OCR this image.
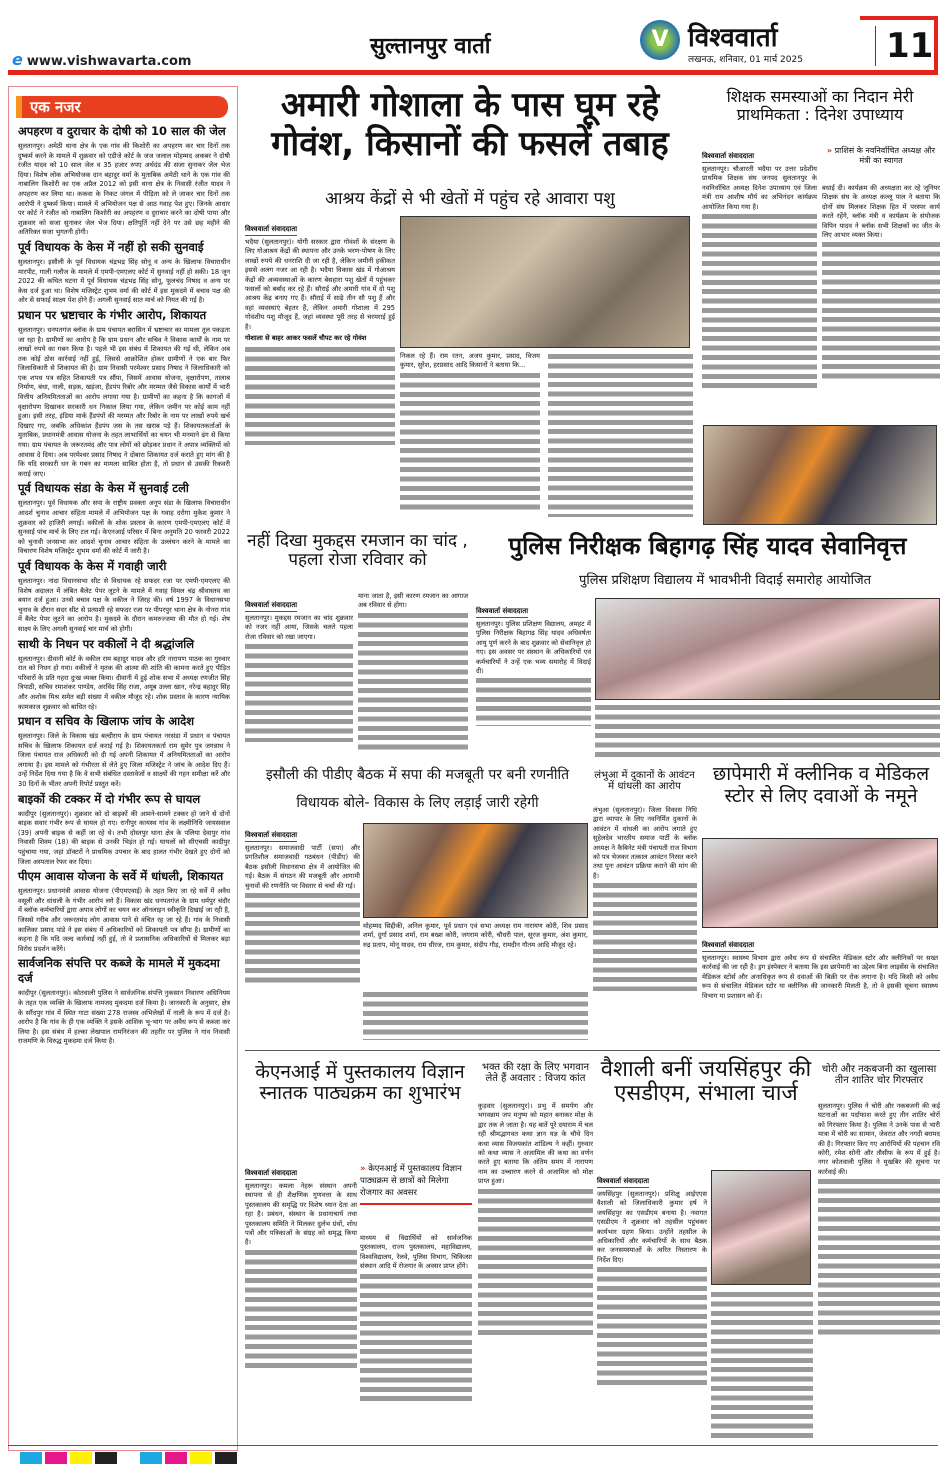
e www.vishwavarta.com
सुल्तानपुर वार्ता	V विश्ववार्ता
लखनऊ, शनिवार, 01 मार्च 2025	11
एक नजर
अपहरण व दुराचार के दोषी को 10 साल की जेल

सुलतानपुर। अमेठी थाना क्षेत्र के एक गांव की किशोरी का अपहरण कर चार दिनों तक दुष्कर्म करने के मामले में शुक्रवार को एडीजे कोर्ट के जज जलाल मोहम्मद अकबर ने दोषी रंजीत यादव को 10 साल जेल व 35 हजार रुपए अर्थदंड की सजा सुनाकर जेल भेज दिया। विशेष लोक अभियोजक दान बहादुर वर्मा के मुताबिक अमेठी थाने के एक गांव की नाबालिग किशोरी का एक अप्रैल 2012 को इसी थाना क्षेत्र के निवासी रंजीत यादव ने अपहरण कर लिया था। ककवा के निकट जंगल में पीड़िता को ले जाकर चार दिनों तक आरोपी ने दुष्कर्म किया। मामले में अभियोजन पक्ष से आठ गवाह पेश हुए। जिनके आधार पर कोर्ट ने रंजीत को नाबालिग किशोरी का अपहरण व दुराचार करने का दोषी पाया और शुक्रवार को सजा सुनाकर जेल भेज दिया। क्षतिपूर्ति नहीं देने पर उसे छह महीने की अतिरिक्त सजा भुगतनी होगी।

पूर्व विधायक के केस में नहीं हो सकी सुनवाई

सुलतानपुर। इसौली के पूर्व विधायक चंद्रभद्र सिंह सोनू व अन्य के खिलाफ विचाराधीन मारपीट, गाली गलौज के मामले में एमपी-एमएलए कोर्ट में सुनवाई नहीं हो सकी। 18 जून 2022 की कथित घटना में पूर्व विधायक चंद्रभद्र सिंह सोनू, फूलचंद निषाद व अन्य पर केस दर्ज हुआ था। विशेष मजिस्ट्रेट शुभम वर्मा की कोर्ट में इस मुकदमे में बचाव पक्ष की ओर से सफाई साक्ष्य पेश होने हैं। अगली सुनवाई सात मार्च को नियत की गई है।

प्रधान पर भ्रष्टाचार के गंभीर आरोप, शिकायत

सुलतानपुर। धनपतगंज ब्लॉक के ग्राम पंचायत बरासिन में भ्रष्टाचार का मामला तूल पकड़ता जा रहा है। ग्रामीणों का आरोप है कि ग्राम प्रधान और सचिव ने विकास कार्यों के नाम पर लाखों रुपये का गबन किया है। पहले भी इस संबंध में शिकायत की गई थी, लेकिन अब तक कोई ठोस कार्रवाई नहीं हुई, जिससे आक्रोशित होकर ग्रामीणों ने एक बार फिर जिलाधिकारी से शिकायत की है। ग्राम निवासी परमेश्वर प्रसाद निषाद ने जिलाधिकारी को एक शपथ पत्र सहित शिकायती पत्र सौंपा, जिसमें आवास योजना, वृक्षारोपण, तालाब निर्माण, बंधा, नाली, सड़क, खड़ंजा, हैंडपंप रिबोर और मरम्मत जैसे विकास कार्यों में भारी वित्तीय अनियमितताओं का आरोप लगाया गया है। ग्रामीणों का कहना है कि कागजों में वृक्षारोपण दिखाकर सरकारी धन निकाल लिया गया, लेकिन जमीन पर कोई काम नहीं हुआ। इसी तरह, इंडिया मार्क हैंडपंपों की मरम्मत और रिबोर के नाम पर लाखों रुपये खर्च दिखाए गए, जबकि अधिकांश हैंडपंप जस के तस खराब पड़े हैं। शिकायतकर्ताओं के मुताबिक, प्रधानमंत्री आवास योजना के तहत लाभार्थियों का चयन भी मनमाने ढंग से किया गया। ग्राम पंचायत के जरूरतमंद और पात्र लोगों को छोड़कर प्रधान ने अपात्र व्यक्तियों को आवास दे दिया। अब परमेश्वर प्रसाद निषाद ने दोबारा शिकायत दर्ज कराते हुए मांग की है कि यदि सरकारी धन के गबन का मामला साबित होता है, तो प्रधान से उसकी रिकवरी कराई जाए।

पूर्व विधायक संडा के केस में सुनवाई टली

सुलतानपुर। पूर्व विधायक और सपा के राष्ट्रीय प्रवक्ता अनूप संडा के खिलाफ विचाराधीन आदर्श चुनाव आचार संहिता मामले में अभियोजन पक्ष के गवाह दरोगा मुकेश कुमार ने शुक्रवार को हाजिरी लगाई। वकीलों के शोक प्रस्ताव के कारण एमपी-एमएलए कोर्ट में सुनवाई पांच मार्च के लिए टल गई। केएनआई परिसर में बिना अनुमति 20 फरवरी 2022 को चुनावी जनसभा कर आदर्श चुनाव आचार संहिता के उल्लंघन करने के मामले का विचारण विशेष मजिस्ट्रेट शुभम वर्मा की कोर्ट में जारी है।

पूर्व विधायक के केस में गवाही जारी

सुलतानपुर। नांदा विधानसभा सीट से विधायक रहे सफदर रजा पर एमपी-एमएलए की विशेष अदालत में लंबित बैलेट पेपर लूटने के मामले में गवाह विमल चंद्र श्रीवास्तव का बयान दर्ज हुआ। उनसे बचाव पक्ष के वकील ने जिरह की। वर्ष 1997 के विधानसभा चुनाव के दौरान सदर सीट से प्रत्याशी रहे सफदर रजा पर पीपरपुर थाना क्षेत्र के नोनरा गांव में बैलेट पेपर लूटने का आरोप है। मुकदमे के दौरान कमरुज्जमा की मौत हो गई। शेष साक्ष्य के लिए अगली सुनवाई चार मार्च को होगी।

साथी के निधन पर वकीलों ने दी श्रद्धांजलि

सुलतानपुर। दीवानी कोर्ट के वकील राम बहादुर यादव और हरि नारायण पाठक का गुरुवार रात को निधन हो गया। वकीलों ने मृतक की आत्मा की शांति की कामना करते हुए पीड़ित परिवारों के प्रति गहरा दुःख व्यक्त किया। दीवानी में हुई शोक सभा में अध्यक्ष रणजीत सिंह त्रिपाठी, सचिव रमाशंकर पाण्डेय, अरविंद सिंह राजा, अयूब उल्ला खान, नरेन्द्र बहादुर सिंह और अशोक मिश्र समेत बड़ी संख्या में वकील मौजूद रहे। शोक प्रस्ताव के कारण न्यायिक कामकाज शुक्रवार को बाधित रहे।

प्रधान व सचिव के खिलाफ जांच के आदेश

सुलतानपुर। जिले के विकास खंड बल्दीराय के ग्राम पंचायत नरसंडा में प्रधान व पंचायत सचिव के खिलाफ शिकायत दर्ज कराई गई है। शिकायतकर्ता राम सुमेर पुत्र जगन्नाथ ने जिला पंचायत राज अधिकारी को दी गई अपनी शिकायत में अनियमितताओं का आरोप लगाया है। इस मामले को गंभीरता से लेते हुए जिला मजिस्ट्रेट ने जांच के आदेश दिए हैं। उन्हें निर्देश दिया गया है कि वे सभी संबंधित दस्तावेजों व साक्ष्यों की गहन समीक्षा करें और 30 दिनों के भीतर अपनी रिपोर्ट प्रस्तुत करें।

बाइकों की टक्कर में दो गंभीर रूप से घायल

कादीपुर (सुलतानपुर)। शुक्रवार को दो बाइकों की आमने-सामने टक्कर हो जाने से दोनों बाइक सवार गंभीर रूप से घायल हो गए। रानीपुर कायस्थ गांव के लक्ष्मीनिधि जायसवाल (39) अपनी बाइक से कहीं जा रहे थे। तभी दोस्तपुर थाना क्षेत्र के पलिया देवापुर गांव निवासी शिवम (18) की बाइक से उनकी भिड़ंत हो गई। घायलों को सीएचसी कादीपुर पहुंचाया गया, जहां डॉक्टरों ने प्राथमिक उपचार के बाद हालत गंभीर देखते हुए दोनों को जिला अस्पताल रेफर कर दिया।

पीएम आवास योजना के सर्वे में धांधली, शिकायत

सुलतानपुर। प्रधानमंत्री आवास योजना (पीएमएवाई) के तहत किए जा रहे सर्वे में अवैध वसूली और धांधली के गंभीर आरोप लगे हैं। विकास खंड धनपतगंज के ग्राम धर्मपुर चंदौर में ब्लॉक कर्मचारियों द्वारा अपात्र लोगों का चयन कर ऑनलाइन स्वीकृति दिखाई जा रही है, जिससे गरीब और जरूरतमंद लोग आवास पाने से वंचित रह जा रहे हैं। गांव के निवासी कालिका प्रसाद पांडे ने इस संबंध में अधिकारियों को शिकायती पत्र सौंपा है। ग्रामीणों का कहना है कि यदि जल्द कार्रवाई नहीं हुई, तो वे प्रशासनिक अधिकारियों से मिलकर बड़ा विरोध प्रदर्शन करेंगे।

सार्वजनिक संपत्ति पर कब्जे के मामले में मुकदमा दर्ज

कादीपुर (सुलतानपुर)। कोतवाली पुलिस ने सार्वजनिक संपत्ति नुकसान निवारण अधिनियम के तहत एक व्यक्ति के खिलाफ नामजद मुकदमा दर्ज किया है। जानकारी के अनुसार, क्षेत्र के सरैंदपुर गांव में स्थित गाटा संख्या 278 राजस्व अभिलेखों में नाली के रूप में दर्ज है। आरोप है कि गांव के ही एक व्यक्ति ने इसके आंशिक भू-भाग पर अवैध रूप से कब्जा कर लिया है। इस संबंध में हल्का लेखपाल रामनिरंजन की तहरीर पर पुलिस ने गांव निवासी राजमणि के विरुद्ध मुकदमा दर्ज किया है।

अमारी गोशाला के पास घूम रहे गोवंश, किसानों की फसलें तबाह
आश्रय केंद्रों से भी खेतों में पहुंच रहे आवारा पशु
विश्ववार्ता संवाददाता
भदैया (सुलतानपुर)। योगी सरकार द्वारा गोवंशों के संरक्षण के लिए गोआश्रय केंद्रों की स्थापना और उनके भरण-पोषण के लिए लाखों रुपये की धनराशि दी जा रही है, लेकिन जमीनी हकीकत इससे अलग नजर आ रही है। भदैया विकास खंड में गोआश्रय केंद्रों की अव्यवस्थाओं के कारण बेसहारा पशु खेतों में पहुंचकर फसलों को बर्बाद कर रहे हैं। सौराई और अमारी गांव में दो पशु आश्रय केंद्र बनाए गए हैं। सौराई में साढ़े तीन सौ पशु हैं और वहां व्यवस्थाएं बेहतर हैं, लेकिन अमारी गोशाला में 295 गोवंशीय पशु मौजूद हैं, जहां व्यवस्था पूरी तरह से चरमराई हुई है।
गोशाला से बाहर आकर फसलें चौपट कर रहे गोवंश
निकल रहे हैं। राम रतन, अजय कुमार, प्रसाद, विजय कुमार, सुरेश, हरप्रसाद आदि किसानों ने बताया कि...
शिक्षक समस्याओं का निदान मेरी प्राथमिकता : दिनेश उपाध्याय
विश्ववार्ता संवाददाता
सुलतानपुर। चौआरती भदैया पर उत्तर प्रदेशीय प्राथमिक शिक्षक संघ जनपद सुलतानपुर के नवनिर्वाचित अध्यक्ष दिनेश उपाध्याय एवं जिला मंत्री राम आशीष मौर्य का अभिनंदन कार्यक्रम आयोजित किया गया है।
» प्राशिसं के नवनिर्वाचित अध्यक्ष और मंत्री का स्वागत
बधाई दी। कार्यक्रम की अध्यक्षता कर रहे जूनियर शिक्षक संघ के अध्यक्ष कल्लू पाल ने बताया कि दोनों संघ मिलकर शिक्षक हित में परस्पर कार्य करते रहेंगे, ब्लॉक मंत्री व कार्यक्रम के संयोजक विपिन यादव ने ब्लॉक सभी शिक्षकों का जीत के लिए आभार व्यक्त किया।
नहीं दिखा मुकद्दस रमजान का चांद , पहला रोजा रविवार को
विश्ववार्ता संवाददाता
सुलतानपुर। मुकद्दस रमजान का चांद शुक्रवार को नजर नहीं आया, जिसके चलते पहला रोजा रविवार को रखा जाएगा।
माना जाता है, इसी कारण रमजान का आगाज अब रविवार से होगा।
पुलिस निरीक्षक बिहागढ़ सिंह यादव सेवानिवृत्त
पुलिस प्रशिक्षण विद्यालय में भावभीनी विदाई समारोह आयोजित
विश्ववार्ता संवाददाता
सुलतानपुर। पुलिस प्रशिक्षण विद्यालय, अमहट में पुलिस निरीक्षक बिहागढ़ सिंह यादव अधिवर्षता आयु पूर्ण करने के बाद शुक्रवार को सेवानिवृत्त हो गए। इस अवसर पर संस्थान के अधिकारियों एवं कर्मचारियों ने उन्हें एक भव्य समारोह में विदाई दी।
इसौली की पीडीए बैठक में सपा की मजबूती पर बनी रणनीति
विधायक बोले- विकास के लिए लड़ाई जारी रहेगी
विश्ववार्ता संवाददाता
सुलतानपुर। समाजवादी पार्टी (सपा) और प्रगतिशील समाजवादी गठबंधन (पीडीए) की बैठक इसौली विधानसभा क्षेत्र में आयोजित की गई। बैठक में संगठन की मजबूती और आगामी चुनावों की रणनीति पर विस्तार से चर्चा की गई।
मोहम्मद सिद्दीकी, अनिल कुमार, पूर्व प्रधान एवं सभा अध्यक्ष राम नारायण कोरी, शिव प्रसाद शर्मा, दुर्गा प्रसाद शर्मा, राम बख्श कोरी, जगराम कोरी, चौधरी पाल, सूरज कुमार, अंश कुमार, रुद्र प्रताप, मोनू यादव, राम धीरज, राम कुमार, संदीप गौड़, रामदीन गौतम आदि मौजूद रहे।
लंभुआ में दुकानों के आवंटन में धांधली का आरोप
लंभुआ (सुलतानपुर)। जिला विकास निधि द्वारा व्यापार के लिए नवनिर्मित दुकानों के आवंटन में धांधली का आरोप लगाते हुए सुहेलदेव भारतीय समाज पार्टी के ब्लॉक अध्यक्ष ने कैबिनेट मंत्री पंचायती राज विभाग को पत्र भेजकर तत्काल आवंटन निरस्त करने तथा पुनः आवंटन प्रक्रिया कराने की मांग की है।
छापेमारी में क्लीनिक व मेडिकल स्टोर से लिए दवाओं के नमूने
विश्ववार्ता संवाददाता
सुलतानपुर। स्वास्थ्य विभाग द्वारा अवैध रूप से संचालित मेडिकल स्टोर और क्लीनिकों पर सख्त कार्रवाई की जा रही है। ड्रग इंस्पेक्टर ने बताया कि इस छापेमारी का उद्देश्य बिना लाइसेंस के संचालित मेडिकल स्टोर्स और अनाधिकृत रूप से दवाओं की बिक्री पर रोक लगाना है। यदि किसी को अवैध रूप से संचालित मेडिकल स्टोर या क्लीनिक की जानकारी मिलती है, तो वे इसकी सूचना स्वास्थ्य विभाग या प्रशासन को दें।
केएनआई में पुस्तकालय विज्ञान स्नातक पाठ्यक्रम का शुभारंभ
विश्ववार्ता संवाददाता
सुलतानपुर। कमला नेहरू संस्थान अपनी स्थापना से ही शैक्षणिक गुणवत्ता के साथ पुस्तकालय की समृद्धि पर विशेष ध्यान देता आ रहा है। प्रबंधन, संस्थान के प्रधानाचार्य तथा पुस्तकालय समिति ने मिलकर दुर्लभ ग्रंथों, शोध पत्रों और पत्रिकाओं के संग्रह को समृद्ध किया है।
» केएनआई में पुस्तकालय विज्ञान पाठ्यक्रम से छात्रों को मिलेगा रोजगार का अवसर
माध्यम से विद्यार्थियों को सार्वजनिक पुस्तकालय, राज्य पुस्तकालय, महाविद्यालय, विश्वविद्यालय, रेलवे, पुलिस विभाग, चिकित्सा संस्थान आदि में रोजगार के अवसर प्राप्त होंगे।
भक्त की रक्षा के लिए भगवान लेते हैं अवतार : विजय कांत
कुड़वार (सुलतानपुर)। प्रभु में समर्पण और भगवन्नाम जप मनुष्य को महान बनाकर मोक्ष के द्वार तक ले जाता है। यह बातें पूरे दयाराम में चल रही श्रीमद्भागवत कथा ज्ञान यज्ञ के चौथे दिन कथा व्यास विजयकांत शांडिल्य ने कहीं। गुरुवार को कथा व्यास ने अजामिल की कथा का वर्णन करते हुए बताया कि अंतिम समय में नारायण नाम का उच्चारण करने से अजामिल को मोक्ष प्राप्त हुआ।
वैशाली बनीं जयसिंहपुर की एसडीएम, संभाला चार्ज
विश्ववार्ता संवाददाता
जयसिंहपुर (सुलतानपुर)। प्रशिक्षु आईएएस वैशाली को जिलाधिकारी कुमार हर्ष ने जयसिंहपुर का एसडीएम बनाया है। नवागत एसडीएम ने शुक्रवार को तहसील पहुंचकर कार्यभार ग्रहण किया। उन्होंने तहसील के अधिकारियों और कर्मचारियों के साथ बैठक कर जनसमस्याओं के त्वरित निस्तारण के निर्देश दिए।
चोरी और नकबजनी का खुलासा तीन शातिर चोर गिरफ्तार
सुलतानपुर। पुलिस ने चोरी और नकबजनी की कई घटनाओं का पर्दाफाश करते हुए तीन शातिर चोरों को गिरफ्तार किया है। पुलिस ने उनके पास से भारी मात्रा में चोरी का सामान, जेवरात और नगदी बरामद की है। गिरफ्तार किए गए आरोपियों की पहचान रवि कोरी, रमेश सोनी और तौसीफ के रूप में हुई है। नगर कोतवाली पुलिस ने मुखबिर की सूचना पर कार्रवाई की।
